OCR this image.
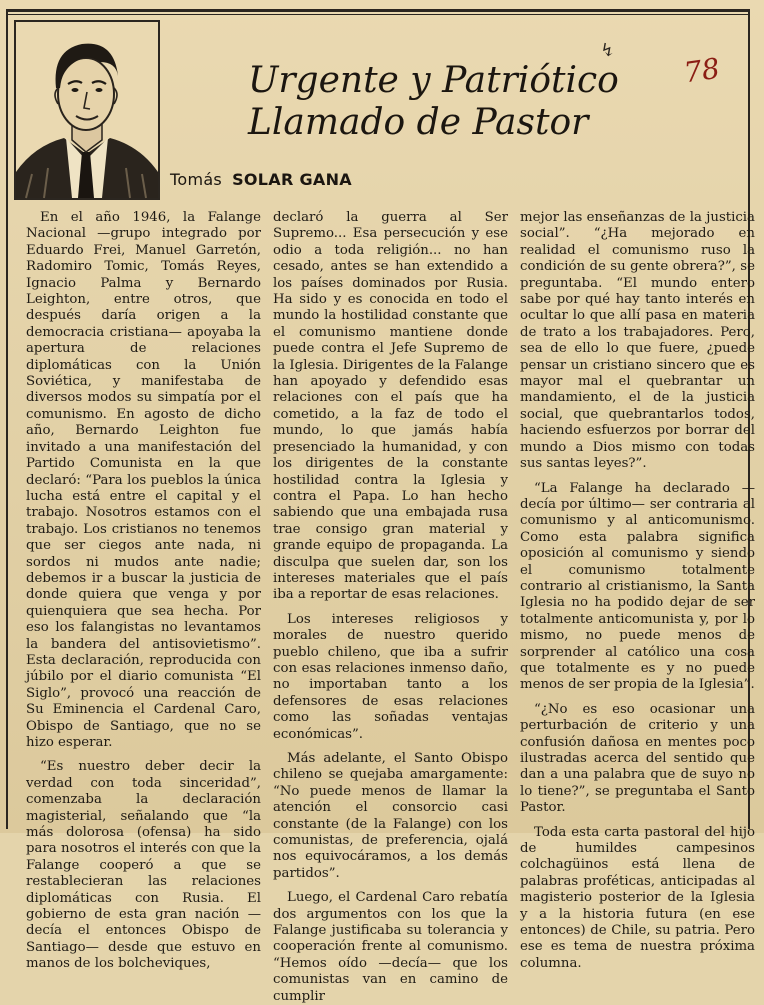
Urgente y Patriótico
Llamado de Pastor
↯
78
Tomás SOLAR GANA

En el año 1946, la Falange Nacional —grupo integrado por Eduardo Frei, Manuel Garretón, Radomiro Tomic, Tomás Reyes, Ignacio Palma y Bernardo Leighton, entre otros, que después daría origen a la democracia cristiana— apoyaba la apertura de relaciones diplomáticas con la Unión Soviética, y manifestaba de diversos modos su simpatía por el comunismo. En agosto de dicho año, Bernardo Leighton fue invitado a una manifestación del Partido Comunista en la que declaró: “Para los pueblos la única lucha está entre el capital y el trabajo. Nosotros estamos con el trabajo. Los cristianos no tenemos que ser ciegos ante nada, ni sordos ni mudos ante nadie; debemos ir a buscar la justicia de donde quiera que venga y por quienquiera que sea hecha. Por eso los falangistas no levantamos la bandera del antisovietismo”. Esta declaración, reproducida con júbilo por el diario comunista “El Siglo”, provocó una reacción de Su Eminencia el Cardenal Caro, Obispo de Santiago, que no se hizo esperar.

“Es nuestro deber decir la verdad con toda sinceridad”, comenzaba la declaración magisterial, señalando que “la más dolorosa (ofensa) ha sido para nosotros el interés con que la Falange cooperó a que se restablecieran las relaciones diplomáticas con Rusia. El gobierno de esta gran nación —decía el entonces Obispo de Santiago— desde que estuvo en manos de los bolcheviques,

declaró la guerra al Ser Supremo... Esa persecución y ese odio a toda religión... no han cesado, antes se han extendido a los países dominados por Rusia. Ha sido y es conocida en todo el mundo la hostilidad constante que el comunismo mantiene donde puede contra el Jefe Supremo de la Iglesia. Dirigentes de la Falange han apoyado y defendido esas relaciones con el país que ha cometido, a la faz de todo el mundo, lo que jamás había presenciado la humanidad, y con los dirigentes de la constante hostilidad contra la Iglesia y contra el Papa. Lo han hecho sabiendo que una embajada rusa trae consigo gran material y grande equipo de propaganda. La disculpa que suelen dar, son los intereses materiales que el país iba a reportar de esas relaciones.

Los intereses religiosos y morales de nuestro querido pueblo chileno, que iba a sufrir con esas relaciones inmenso daño, no importaban tanto a los defensores de esas relaciones como las soñadas ventajas económicas”.

Más adelante, el Santo Obispo chileno se quejaba amargamente: “No puede menos de llamar la atención el consorcio casi constante (de la Falange) con los comunistas, de preferencia, ojalá nos equivocáramos, a los demás partidos”.

Luego, el Cardenal Caro rebatía dos argumentos con los que la Falange justificaba su tolerancia y cooperación frente al comunismo. “Hemos oído —decía— que los comunistas van en camino de cumplir

mejor las enseñanzas de la justicia social”. “¿Ha mejorado en realidad el comunismo ruso la condición de su gente obrera?”, se preguntaba. “El mundo entero sabe por qué hay tanto interés en ocultar lo que allí pasa en materia de trato a los trabajadores. Pero, sea de ello lo que fuere, ¿puede pensar un cristiano sincero que es mayor mal el quebrantar un mandamiento, el de la justicia social, que quebrantarlos todos, haciendo esfuerzos por borrar del mundo a Dios mismo con todas sus santas leyes?”.

“La Falange ha declarado —decía por último— ser contraria al comunismo y al anticomunismo. Como esta palabra significa oposición al comunismo y siendo el comunismo totalmente contrario al cristianismo, la Santa Iglesia no ha podido dejar de ser totalmente anticomunista y, por lo mismo, no puede menos de sorprender al católico una cosa que totalmente es y no puede menos de ser propia de la Iglesia”.

“¿No es eso ocasionar una perturbación de criterio y una confusión dañosa en mentes poco ilustradas acerca del sentido que dan a una palabra que de suyo no lo tiene?”, se preguntaba el Santo Pastor.

Toda esta carta pastoral del hijo de humildes campesinos colchagüinos está llena de palabras proféticas, anticipadas al magisterio posterior de la Iglesia y a la historia futura (en ese entonces) de Chile, su patria. Pero ese es tema de nuestra próxima columna.
